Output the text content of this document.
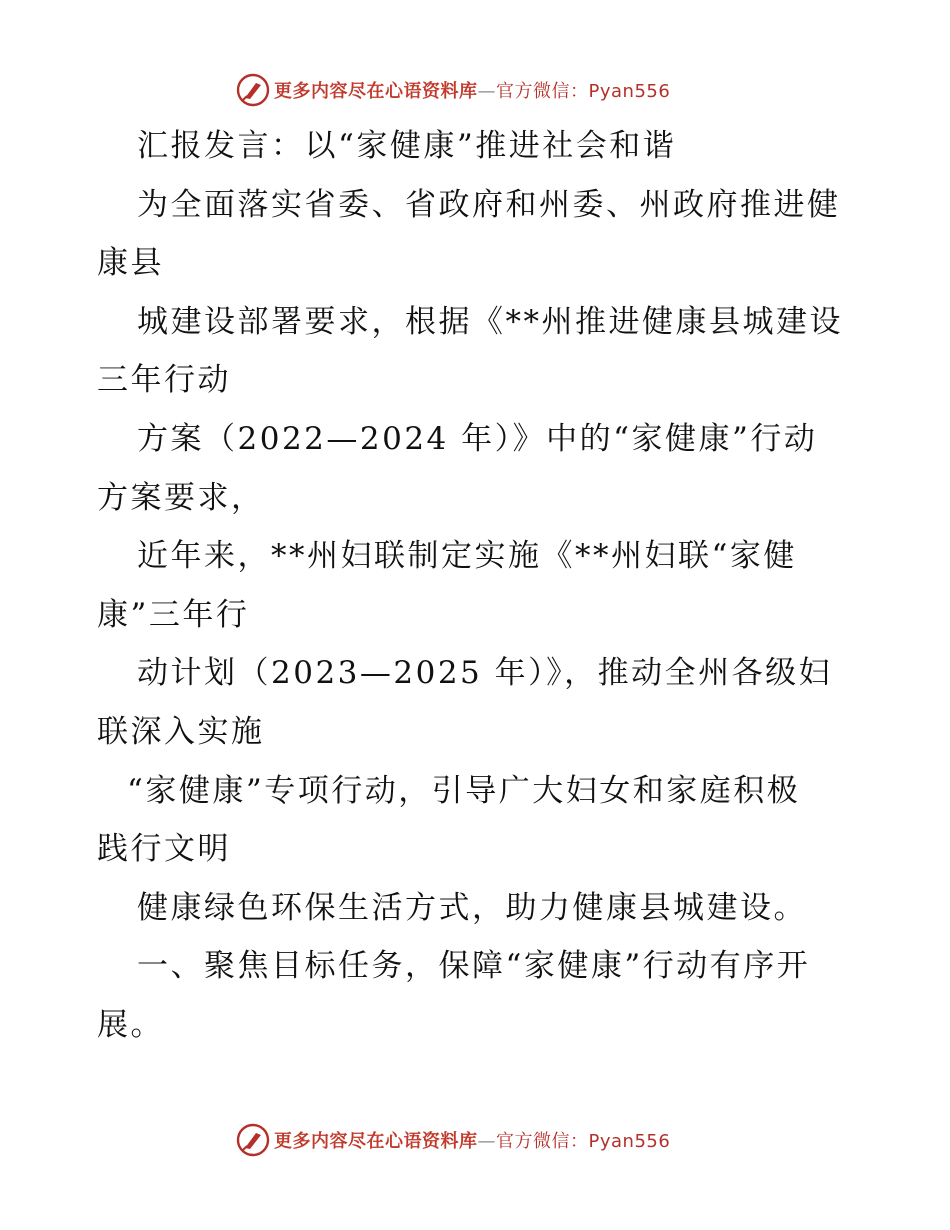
更多内容尽在心语资料库—官方微信：Pyan556
汇报发言：以“家健康”推进社会和谐
为全面落实省委、省政府和州委、州政府推进健
康县
城建设部署要求，根据《**州推进健康县城建设
三年行动
方案（2022—2024 年）》中的“家健康”行动
方案要求，
近年来，**州妇联制定实施《**州妇联“家健
康”三年行
动计划（2023—2025 年）》，推动全州各级妇
联深入实施
“家健康”专项行动，引导广大妇女和家庭积极
践行文明
健康绿色环保生活方式，助力健康县城建设。
一、聚焦目标任务，保障“家健康”行动有序开
展。
更多内容尽在心语资料库—官方微信：Pyan556
